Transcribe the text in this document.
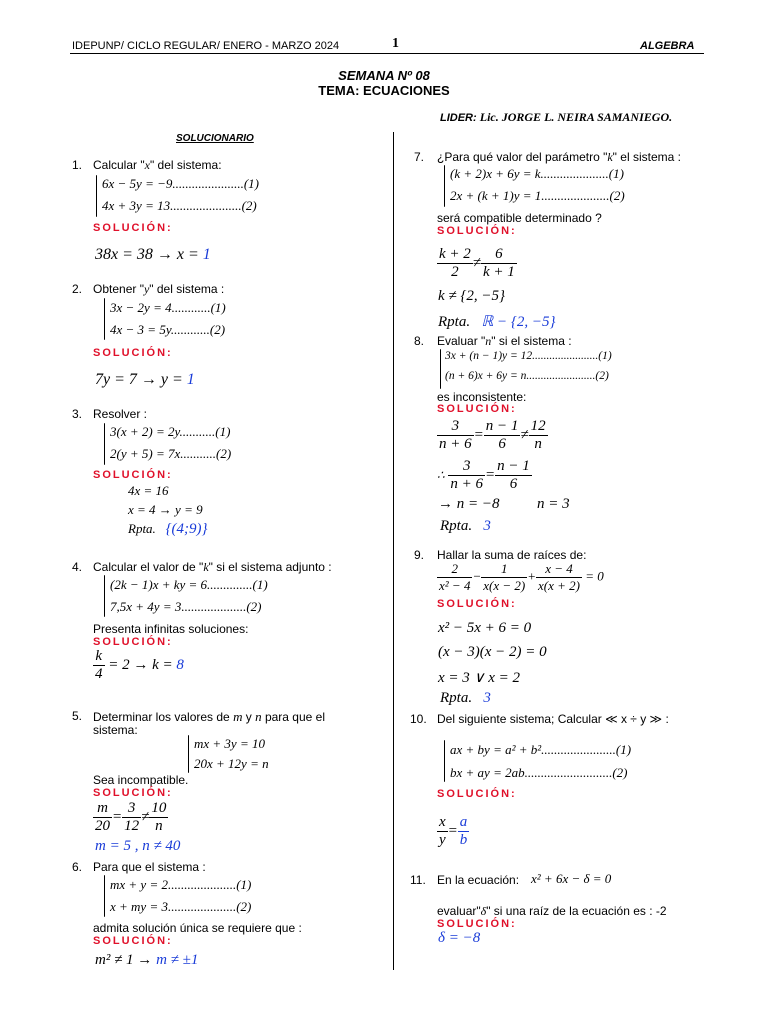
IDEPUNP/ CICLO REGULAR/ ENERO - MARZO 2024	1	ALGEBRA
SEMANA Nº 08
TEMA: ECUACIONES
LIDER: Lic. JORGE L. NEIRA SAMANIEGO.
SOLUCIONARIO
1. Calcular "x" del sistema:
6x − 5y = −9......................(1)
4x + 3y = 13......................(2)
SOLUCIÓN:
38x = 38 → x = 1
2. Obtener "y" del sistema :
3x − 2y = 4............(1)
4x − 3 = 5y............(2)
SOLUCIÓN:
7y = 7 → y = 1
3. Resolver :
3(x + 2) = 2y...........(1)
2(y + 5) = 7x...........(2)
SOLUCIÓN:
4x = 16
x = 4 → y = 9
Rpta. {(4;9)}
4. Calcular el valor de "k" si el sistema adjunto :
(2k − 1)x + ky = 6..............(1)
7,5x + 4y = 3....................(2)
Presenta infinitas soluciones:
SOLUCIÓN:
$\frac{k}{4} = 2 \to k = 8$
5. Determinar los valores de m y n para que el
sistema:
mx + 3y = 10
20x + 12y = n
Sea incompatible.
SOLUCIÓN:
$\frac{m}{20} = \frac{3}{12} \ne \frac{10}{n}$
m = 5 , n ≠ 40
6. Para que el sistema :
mx + y = 2.....................(1)
x + my = 3.....................(2)
admita solución única se requiere que :
SOLUCIÓN:
m² ≠ 1 → m ≠ ±1
7. ¿Para qué valor del parámetro "k" el sistema :
(k + 2)x + 6y = k.....................(1)
2x + (k + 1)y = 1.....................(2)
será compatible determinado ?
SOLUCIÓN:
$\frac{k + 2}{2} \ne \frac{6}{k + 1}$
k ≠ {2, −5}
Rpta. ℝ − {2, −5}
8. Evaluar "n" si el sistema :
3x + (n − 1)y = 12.......................(1)
(n + 6)x + 6y = n........................(2)
es inconsistente:
SOLUCIÓN:
$\frac{3}{n + 6} = \frac{n - 1}{6} \ne \frac{12}{n}$
∴ $\frac{3}{n + 6} = \frac{n - 1}{6}$
→ n = −8	n = 3
Rpta. 3
9. Hallar la suma de raíces de:
$\frac{2}{\text{x² − 4}} - \frac{1}{x(x - 2)} + \frac{x - 4}{x(x + 2)} = 0$
SOLUCIÓN:
x² − 5x + 6 = 0
(x − 3)(x − 2) = 0
x = 3 ∨ x = 2
Rpta. 3
10. Del siguiente sistema; Calcular ≪ x ÷ y ≫ :
ax + by = a² + b².......................(1)
bx + ay = 2ab...........................(2)
SOLUCIÓN:
$\frac{x}{y} = \frac{a}{b}$
11. En la ecuación: x² + 6x − δ = 0
evaluar"δ" si una raíz de la ecuación es : -2
SOLUCIÓN:
δ = −8
